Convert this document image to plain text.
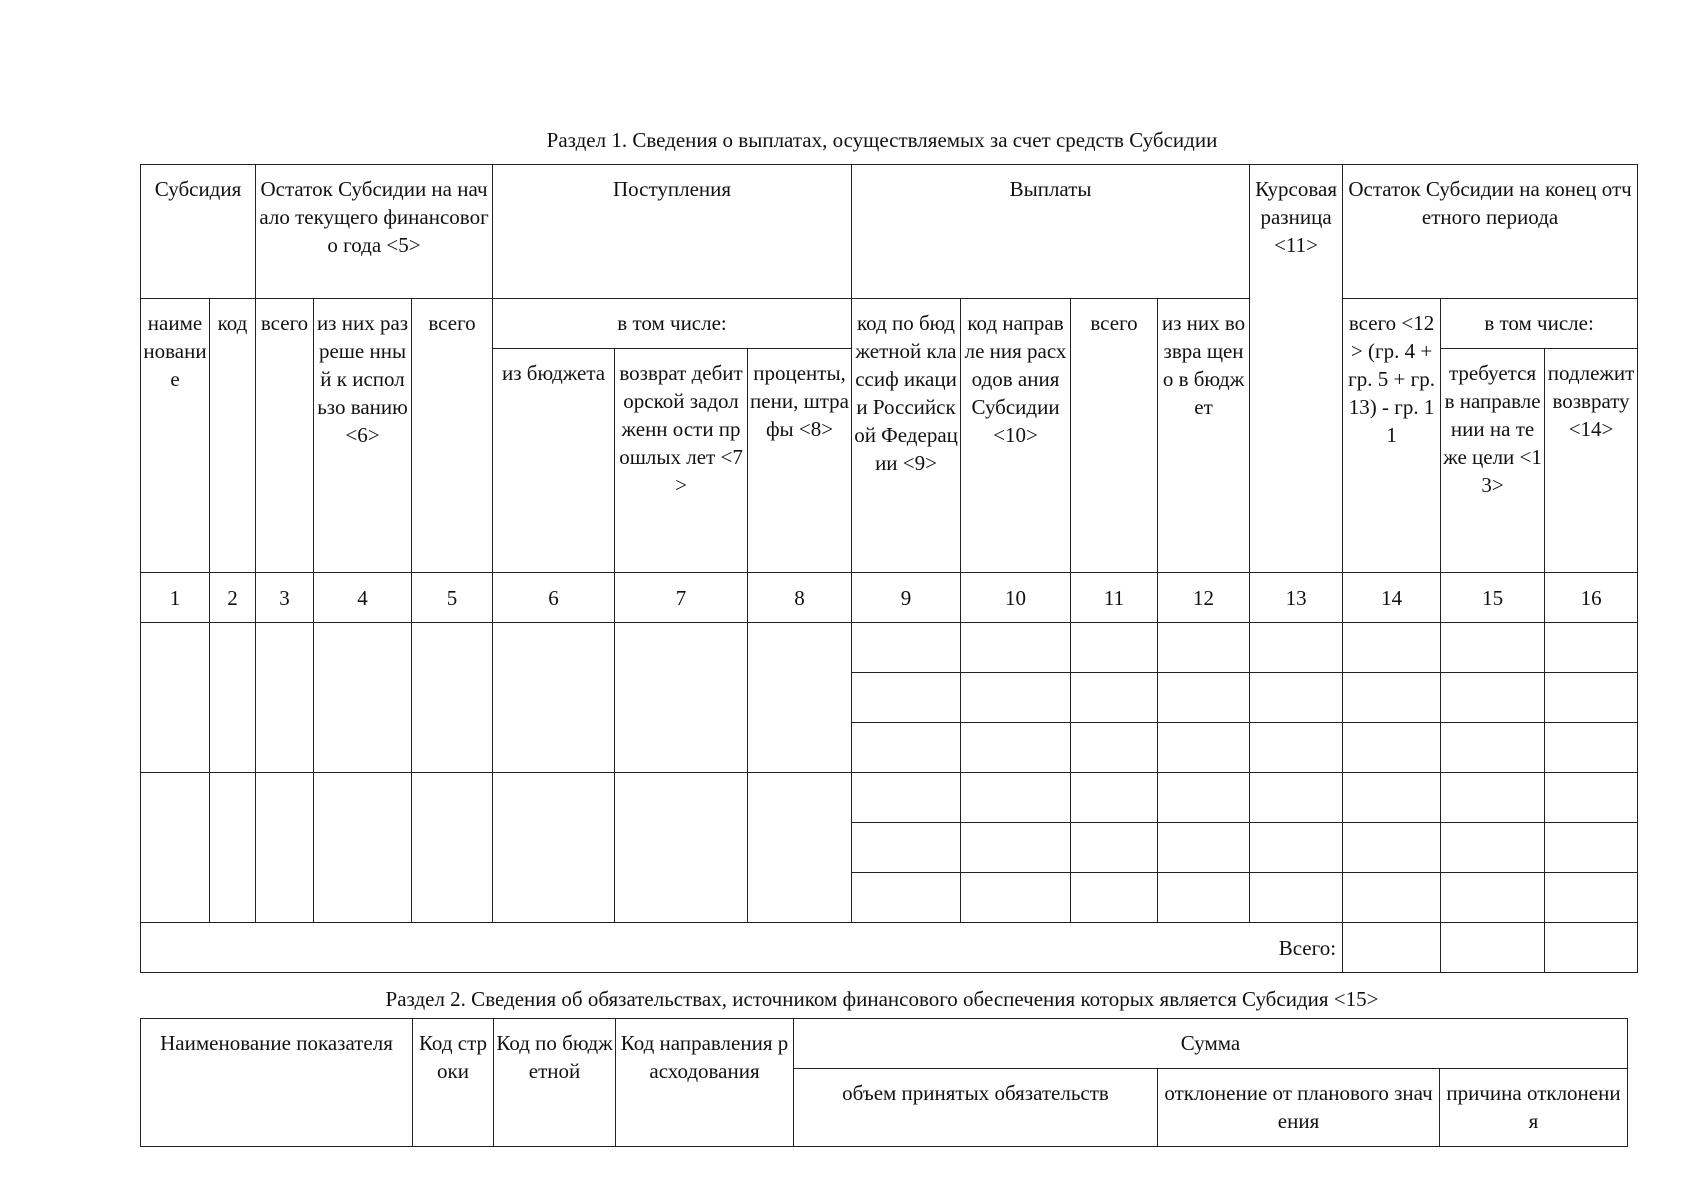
Раздел 1. Сведения о выплатах, осуществляемых за счет средств Субсидии
Субсидия		Остаток Субсидии на начало текущего финансового года <5>			Поступления			Выплаты				Курсовая разница <11>	Остаток Субсидии на конец отчетного периода		
наименование	код	всего	из них разреше нный к использо ванию <6>	всего	в том числе:			код по бюджетной классиф икации Российской Федерац ии <9>	код направле ния расходов ания Субсидии <10>	всего	из них возвра щено в бюджет		всего <12> (гр. 4 + гр. 5 + гр. 13) - гр. 11	в том числе:	
					из бюджета	возврат дебиторской задолженн ости прошлых лет <7>	проценты, пени, штрафы <8>							требуется в направлении на те же цели <13>	подлежит возврату <14>
1	2	3	4	5	6	7	8	9	10	11	12	13	14	15	16

Всего:															
Раздел 2. Сведения об обязательствах, источником финансового обеспечения которых является Субсидия <15>
Наименование показателя	Код строки	Код по бюджетной	Код направления расходования	Сумма		
				объем принятых обязательств	отклонение от планового значения	причина отклонения
